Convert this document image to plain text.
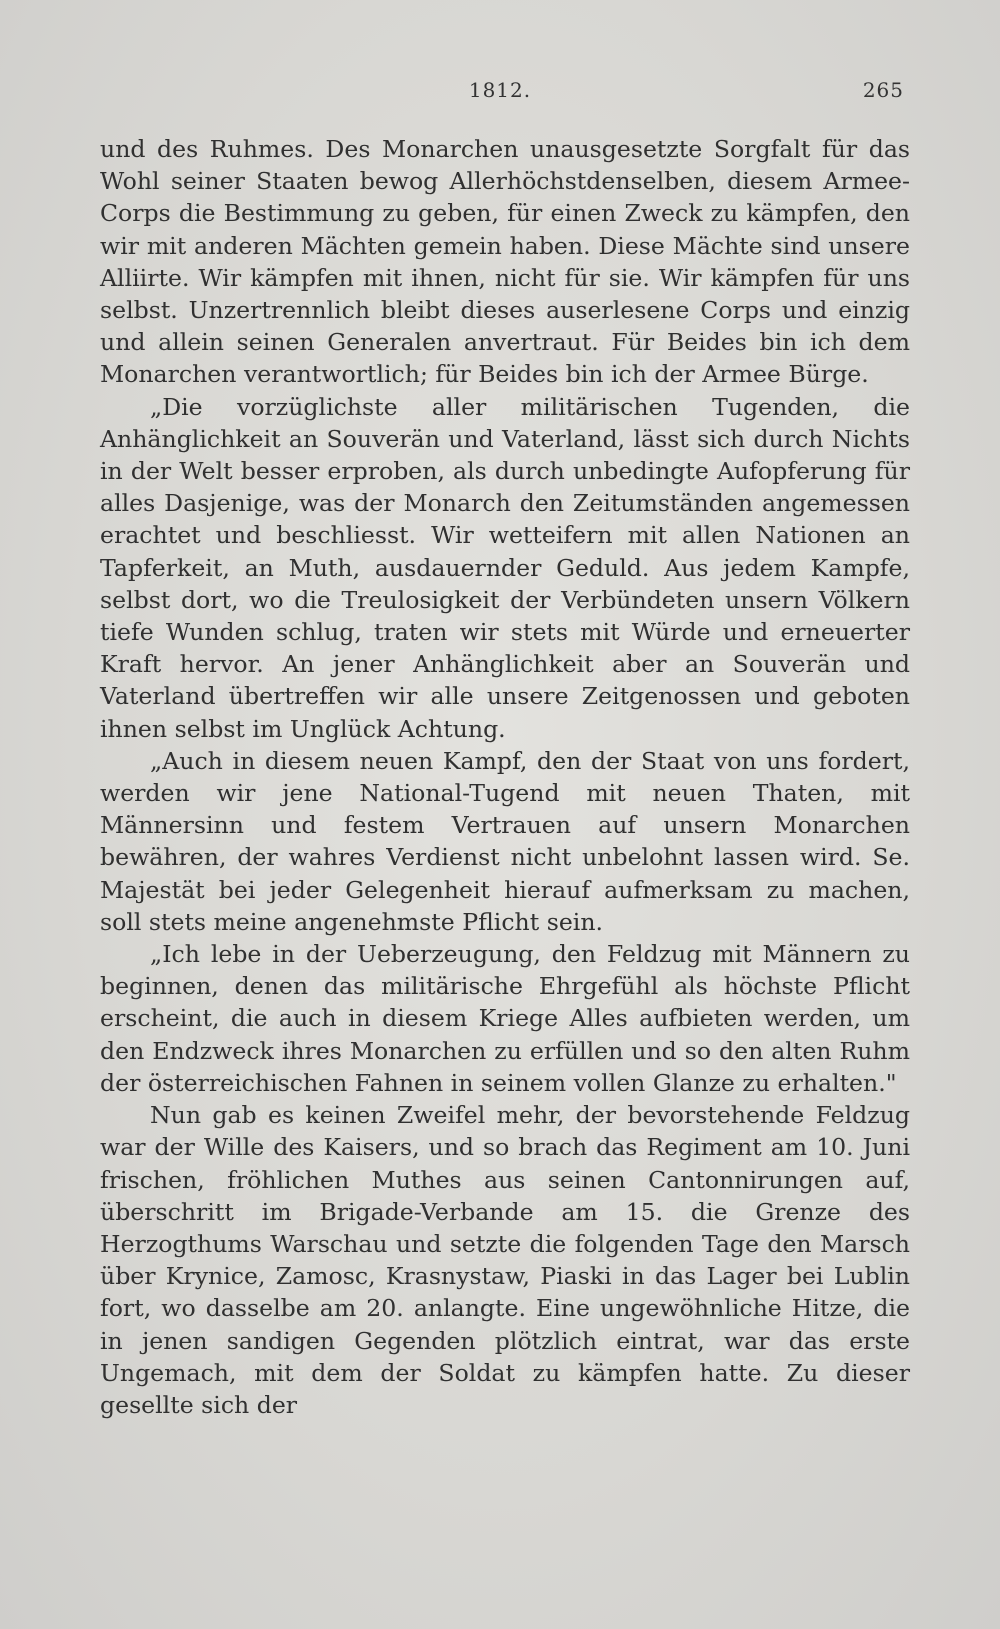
1812.	265

und des Ruhmes. Des Monarchen unausgesetzte Sorgfalt für das Wohl seiner Staaten bewog Allerhöchstdenselben, diesem Armee-Corps die Bestimmung zu geben, für einen Zweck zu kämpfen, den wir mit anderen Mächten gemein haben. Diese Mächte sind unsere Alliirte. Wir kämpfen mit ihnen, nicht für sie. Wir kämpfen für uns selbst. Unzertrennlich bleibt dieses auserlesene Corps und einzig und allein seinen Generalen anvertraut. Für Beides bin ich dem Monarchen verantwortlich; für Beides bin ich der Armee Bürge.

„Die vorzüglichste aller militärischen Tugenden, die Anhänglichkeit an Souverän und Vaterland, lässt sich durch Nichts in der Welt besser erproben, als durch unbedingte Aufopferung für alles Dasjenige, was der Monarch den Zeitumständen angemessen erachtet und beschliesst. Wir wetteifern mit allen Nationen an Tapferkeit, an Muth, ausdauernder Geduld. Aus jedem Kampfe, selbst dort, wo die Treulosigkeit der Verbündeten unsern Völkern tiefe Wunden schlug, traten wir stets mit Würde und erneuerter Kraft hervor. An jener Anhänglichkeit aber an Souverän und Vaterland übertreffen wir alle unsere Zeitgenossen und geboten ihnen selbst im Unglück Achtung.

„Auch in diesem neuen Kampf, den der Staat von uns fordert, werden wir jene National-Tugend mit neuen Thaten, mit Männersinn und festem Vertrauen auf unsern Monarchen bewähren, der wahres Verdienst nicht unbelohnt lassen wird. Se. Majestät bei jeder Gelegenheit hierauf aufmerksam zu machen, soll stets meine angenehmste Pflicht sein.

„Ich lebe in der Ueberzeugung, den Feldzug mit Männern zu beginnen, denen das militärische Ehrgefühl als höchste Pflicht erscheint, die auch in diesem Kriege Alles aufbieten werden, um den Endzweck ihres Monarchen zu erfüllen und so den alten Ruhm der österreichischen Fahnen in seinem vollen Glanze zu erhalten."

Nun gab es keinen Zweifel mehr, der bevorstehende Feldzug war der Wille des Kaisers, und so brach das Regiment am 10. Juni frischen, fröhlichen Muthes aus seinen Cantonnirungen auf, überschritt im Brigade-Verbande am 15. die Grenze des Herzogthums Warschau und setzte die folgenden Tage den Marsch über Krynice, Zamosc, Krasnystaw, Piaski in das Lager bei Lublin fort, wo dasselbe am 20. anlangte. Eine ungewöhnliche Hitze, die in jenen sandigen Gegenden plötzlich eintrat, war das erste Ungemach, mit dem der Soldat zu kämpfen hatte. Zu dieser gesellte sich der
